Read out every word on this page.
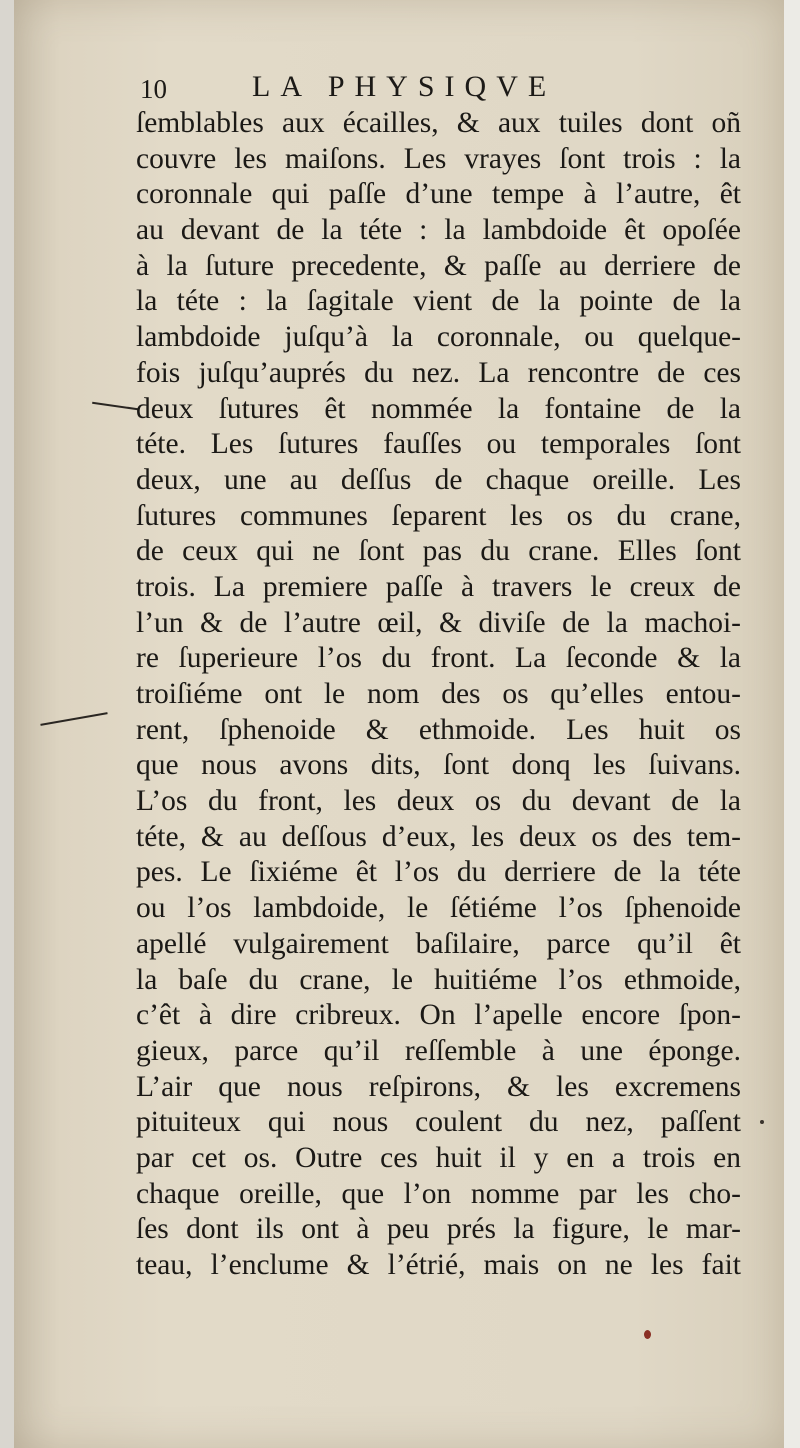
10	LA PHYSIQVE
ſemblables aux écailles, & aux tuiles dont oñ
couvre les maiſons. Les vrayes ſont trois : la
coronnale qui paſſe d’une tempe à l’autre, êt
au devant de la téte : la lambdoide êt opoſée
à la ſuture precedente, & paſſe au derriere de
la téte : la ſagitale vient de la pointe de la
lambdoide juſqu’à la coronnale, ou quelque-
fois juſqu’auprés du nez. La rencontre de ces
deux ſutures êt nommée la fontaine de la
téte. Les ſutures fauſſes ou temporales ſont
deux, une au deſſus de chaque oreille. Les
ſutures communes ſeparent les os du crane,
de ceux qui ne ſont pas du crane. Elles ſont
trois. La premiere paſſe à travers le creux de
l’un & de l’autre œil, & diviſe de la machoi-
re ſuperieure l’os du front. La ſeconde & la
troiſiéme ont le nom des os qu’elles entou-
rent, ſphenoide & ethmoide. Les huit os
que nous avons dits, ſont donq les ſuivans.
L’os du front, les deux os du devant de la
téte, & au deſſous d’eux, les deux os des tem-
pes. Le ſixiéme êt l’os du derriere de la téte
ou l’os lambdoide, le ſétiéme l’os ſphenoide
apellé vulgairement baſilaire, parce qu’il êt
la baſe du crane, le huitiéme l’os ethmoide,
c’êt à dire cribreux. On l’apelle encore ſpon-
gieux, parce qu’il reſſemble à une éponge.
L’air que nous reſpirons, & les excremens
pituiteux qui nous coulent du nez, paſſent
par cet os. Outre ces huit il y en a trois en
chaque oreille, que l’on nomme par les cho-
ſes dont ils ont à peu prés la figure, le mar-
teau, l’enclume & l’étrié, mais on ne les fait
